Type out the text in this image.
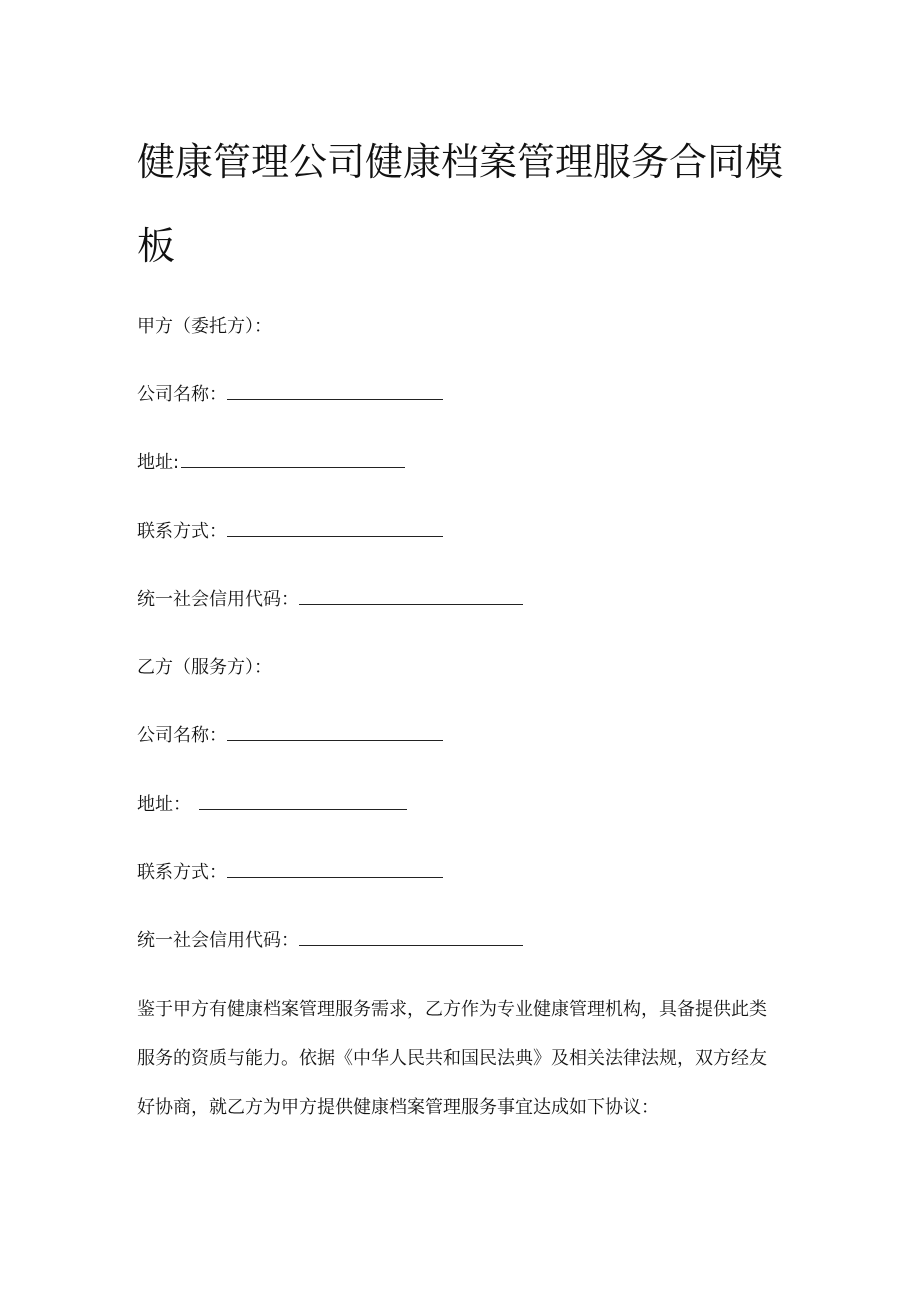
健康管理公司健康档案管理服务合同模
板
甲方（委托方）：
公司名称：
地址:
联系方式：
统一社会信用代码：
乙方（服务方）：
公司名称：
地址：
联系方式：
统一社会信用代码：
鉴于甲方有健康档案管理服务需求，乙方作为专业健康管理机构，具备提供此类
服务的资质与能力。依据《中华人民共和国民法典》及相关法律法规，双方经友
好协商，就乙方为甲方提供健康档案管理服务事宜达成如下协议：
